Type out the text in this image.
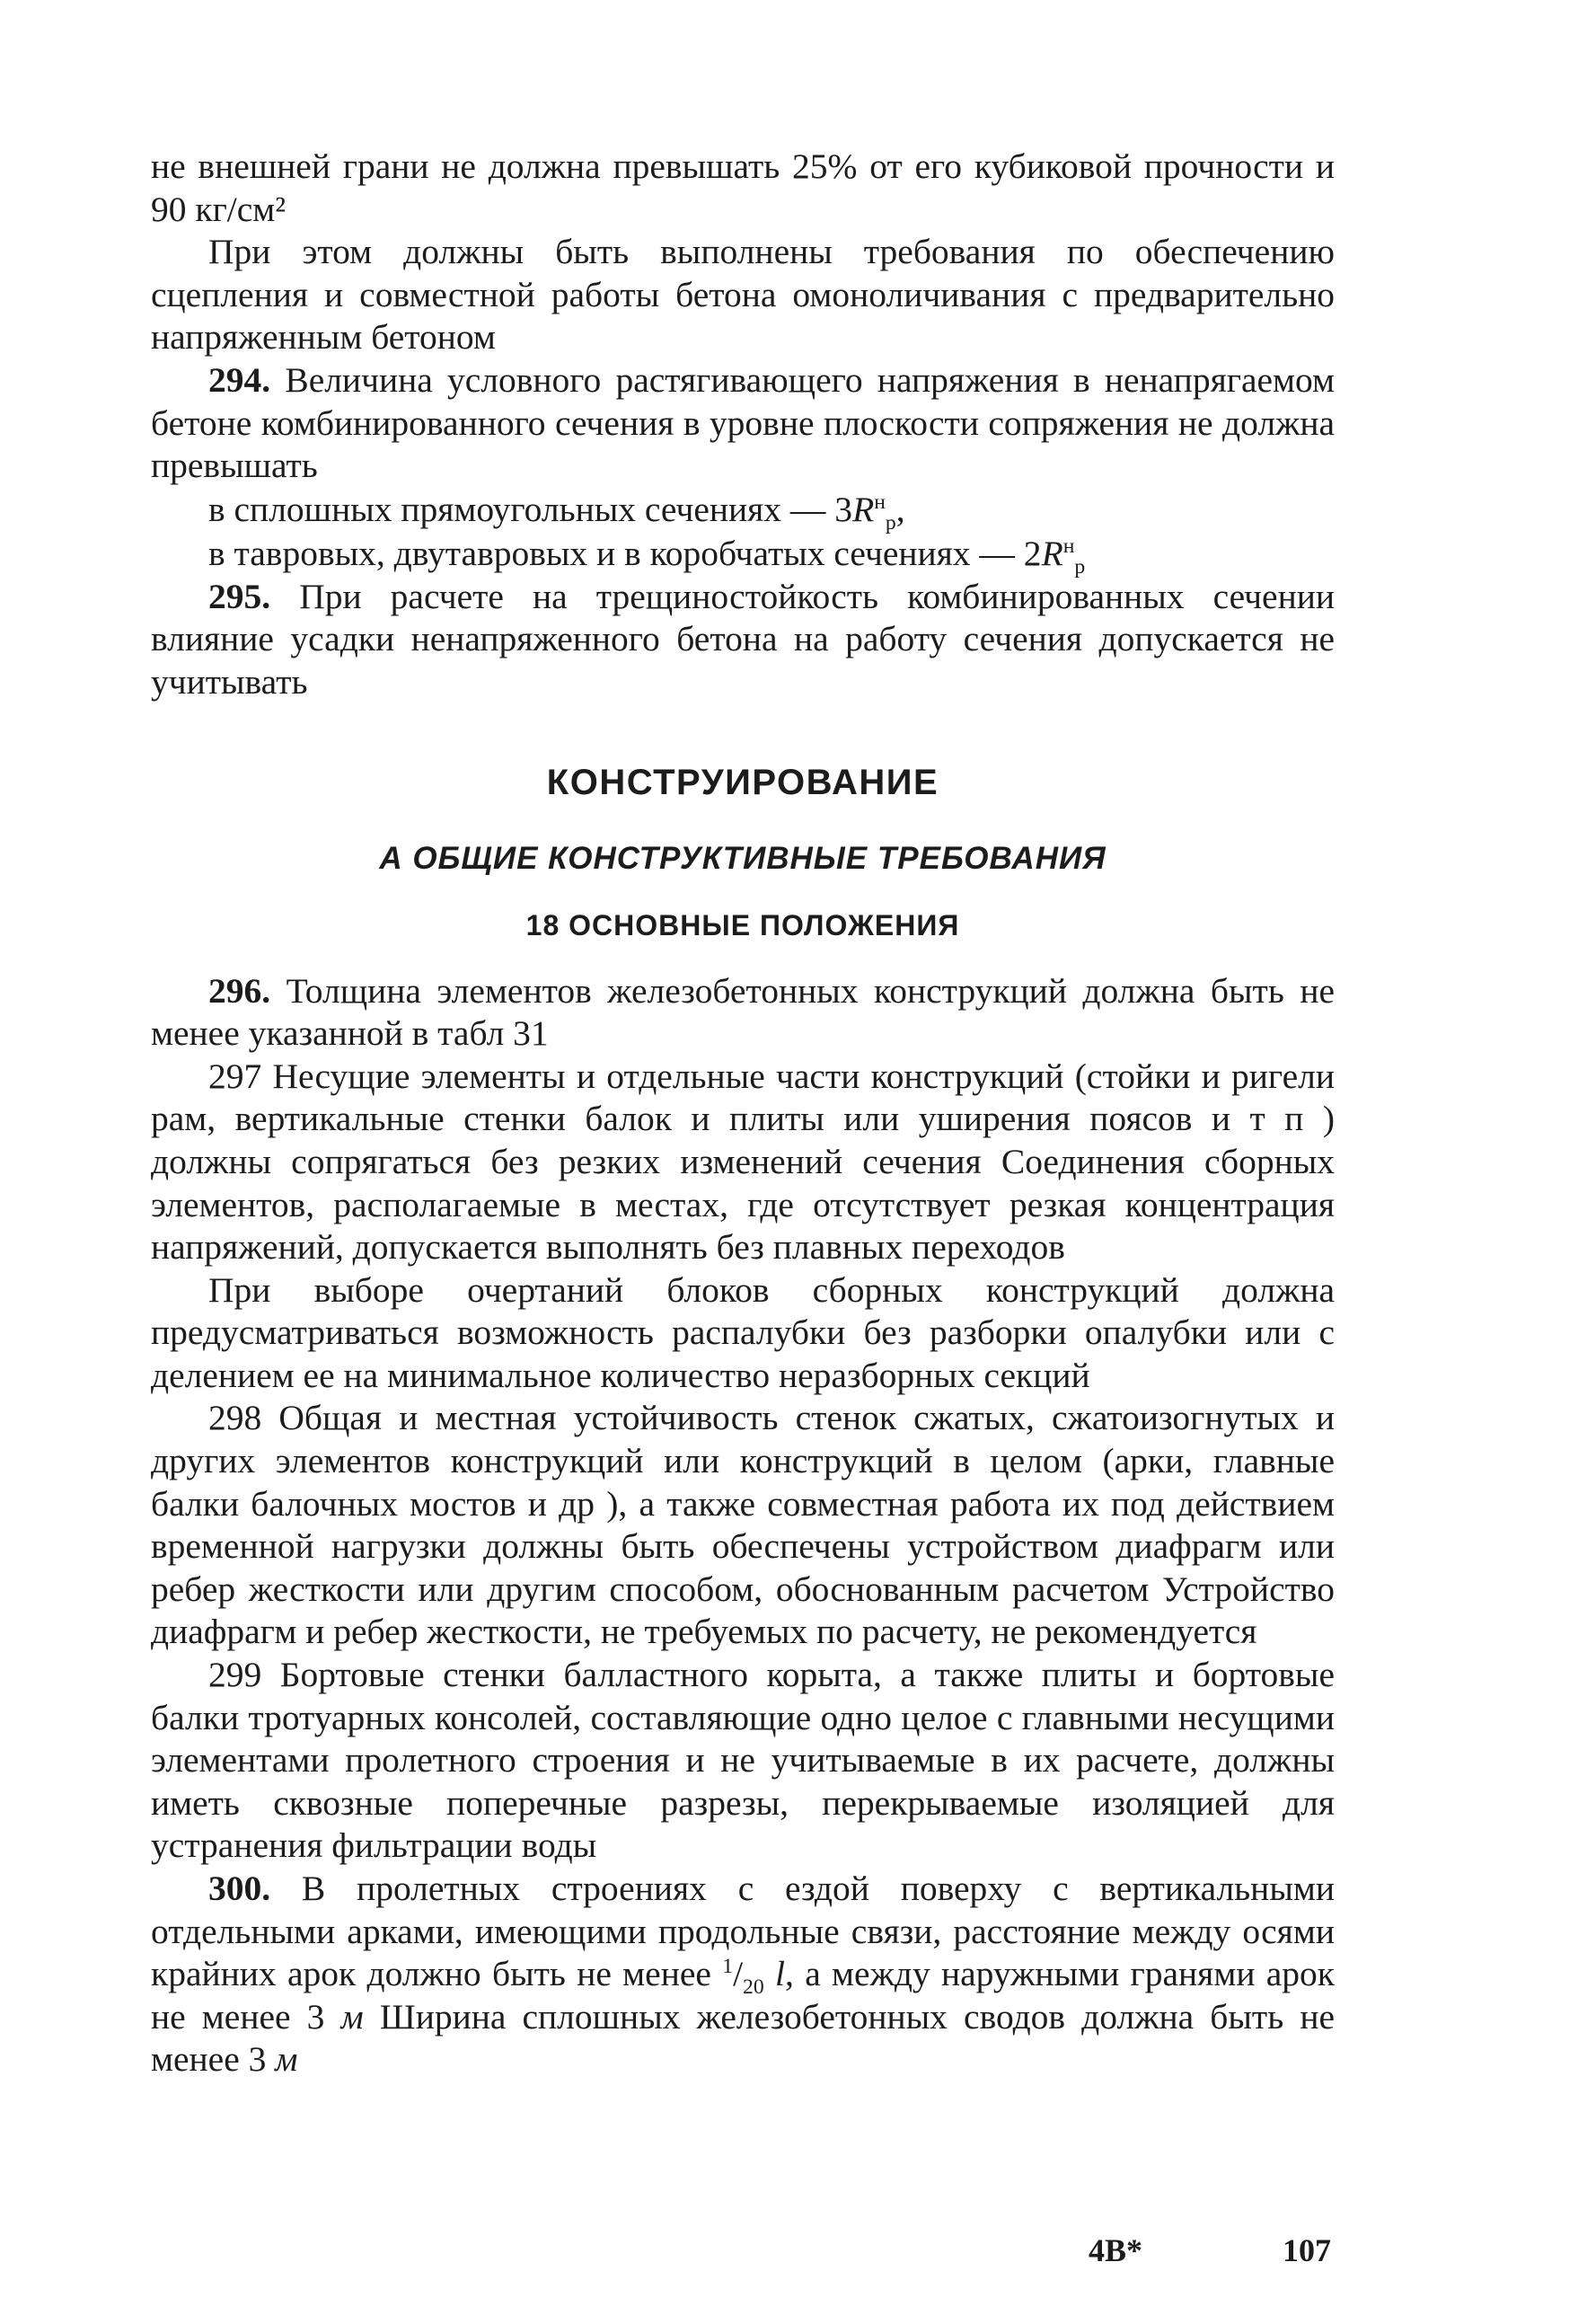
не внешней грани не должна превышать 25% от его кубиковой прочности и 90 кг/см²

При этом должны быть выполнены требования по обеспечению сцепления и совместной работы бетона омоноличивания с предварительно напряженным бетоном

294. Величина условного растягивающего напряжения в ненапрягаемом бетоне комбинированного сечения в уровне плоскости сопряжения не должна превышать

в сплошных прямоугольных сечениях — $3R^н_р$,

в тавровых, двутавровых и в коробчатых сечениях — $2R^н_р$

295. При расчете на трещиностойкость комбинированных сечении влияние усадки ненапряженного бетона на работу сечения допускается не учитывать

КОНСТРУИРОВАНИЕ
А ОБЩИЕ КОНСТРУКТИВНЫЕ ТРЕБОВАНИЯ
18 ОСНОВНЫЕ ПОЛОЖЕНИЯ

296. Толщина элементов железобетонных конструкций должна быть не менее указанной в табл 31

297 Несущие элементы и отдельные части конструкций (стойки и ригели рам, вертикальные стенки балок и плиты или уширения поясов и т п ) должны сопрягаться без резких изменений сечения Соединения сборных элементов, располагаемые в местах, где отсутствует резкая концентрация напряжений, допускается выполнять без плавных переходов

При выборе очертаний блоков сборных конструкций должна предусматриваться возможность распалубки без разборки опалубки или с делением ее на минимальное количество неразборных секций

298 Общая и местная устойчивость стенок сжатых, сжатоизогнутых и других элементов конструкций или конструкций в целом (арки, главные балки балочных мостов и др ), а также совместная работа их под действием временной нагрузки должны быть обеспечены устройством диафрагм или ребер жесткости или другим способом, обоснованным расчетом Устройство диафрагм и ребер жесткости, не требуемых по расчету, не рекомендуется

299 Бортовые стенки балластного корыта, а также плиты и бортовые балки тротуарных консолей, составляющие одно целое с главными несущими элементами пролетного строения и не учитываемые в их расчете, должны иметь сквозные поперечные разрезы, перекрываемые изоляцией для устранения фильтрации воды

300. В пролетных строениях с ездой поверху с вертикальными отдельными арками, имеющими продольные связи, расстояние между осями крайних арок должно быть не менее $^1/_{20}$ l, а между наружными гранями арок не менее 3 м Ширина сплошных железобетонных сводов должна быть не менее 3 м

4В*	107
